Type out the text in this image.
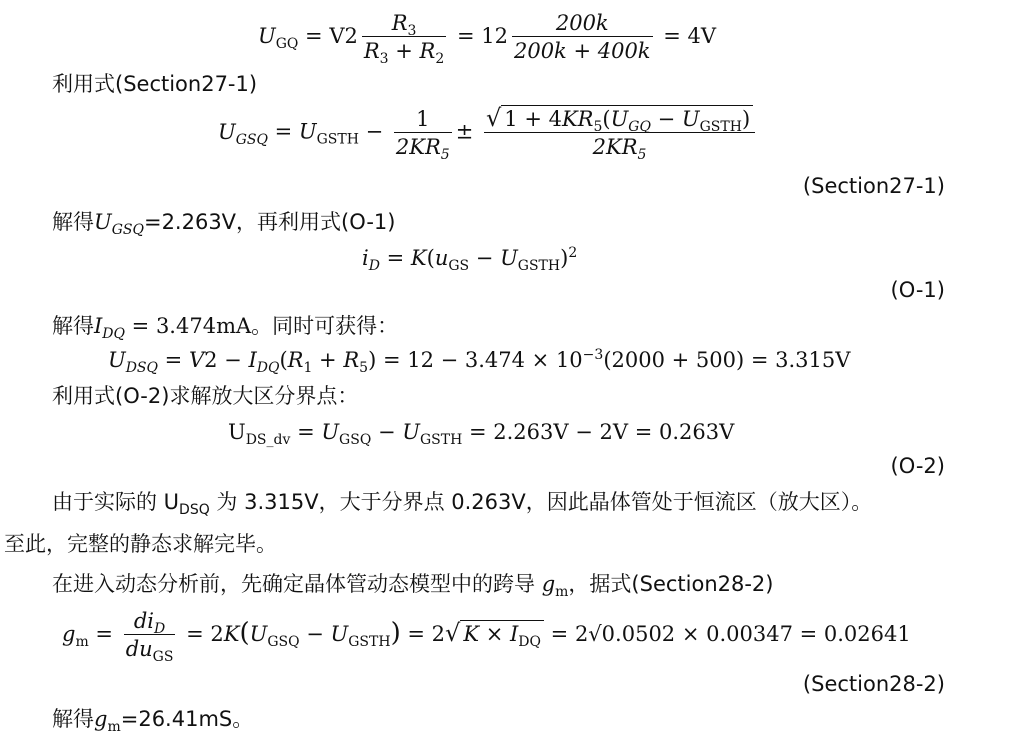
$U_{GQ} = V2 \frac{R_3}{R_3 + R_2} = 12 \frac{200k}{200k + 400k} = 4V$
利用式(Section27-1)
$U_{GSQ} = U_{GSTH} - \frac{1}{2KR_5} \pm \frac{√ 1 + 4KR_5(U_{GQ} - U_{GSTH})}{2KR_5}$
(Section27-1)
解得$U_{GSQ}=2.263V$，再利用式(O-1)
$i_D = K(u_{GS} - U_{GSTH})^2$
(O-1)
解得$I_{DQ} = 3.474mA$。同时可获得：
$U_{DSQ} = V2 - I_{DQ}(R_1 + R_5) = 12 - 3.474 \times 10^{-3}(2000 + 500) = 3.315V$
利用式(O-2)求解放大区分界点：
$U_{DS\_dv} = U_{GSQ} - U_{GSTH} = 2.263V - 2V = 0.263V$
(O-2)
由于实际的 $U_{DSQ}$ 为 3.315V，大于分界点 0.263V，因此晶体管处于恒流区（放大区）。
至此，完整的静态求解完毕。
在进入动态分析前，先确定晶体管动态模型中的跨导 $g_m$，据式(Section28-2)
$g_m = \frac{di_D}{du_{GS}} = 2K(U_{GSQ} - U_{GSTH}) = 2√$ $K \times I_{DQ} = 2√0.0502 \times 0.00347 = 0.02641$
(Section28-2)
解得$g_m=26.41mS$。
